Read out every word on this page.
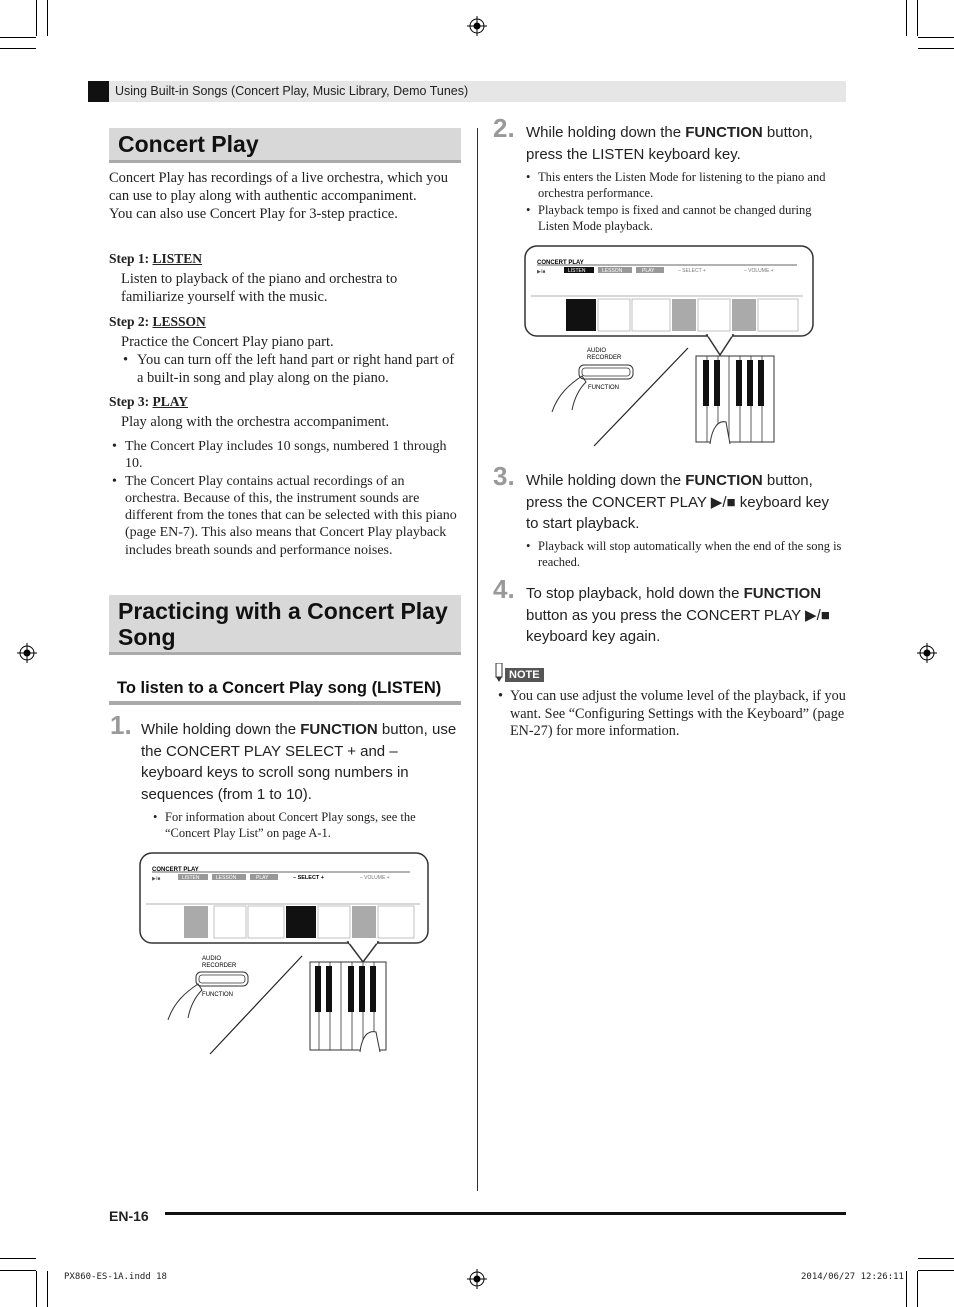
Using Built-in Songs (Concert Play, Music Library, Demo Tunes)
Concert Play
Concert Play has recordings of a live orchestra, which you can use to play along with authentic accompaniment.
You can also use Concert Play for 3-step practice.
Step 1: LISTEN
Listen to playback of the piano and orchestra to familiarize yourself with the music.
Step 2: LESSON
Practice the Concert Play piano part.
• You can turn off the left hand part or right hand part of a built-in song and play along on the piano.
Step 3: PLAY
Play along with the orchestra accompaniment.
• The Concert Play includes 10 songs, numbered 1 through 10.
• The Concert Play contains actual recordings of an orchestra. Because of this, the instrument sounds are different from the tones that can be selected with this piano (page EN-7). This also means that Concert Play playback includes breath sounds and performance noises.
Practicing with a Concert Play Song
To listen to a Concert Play song (LISTEN)
1. While holding down the FUNCTION button, use the CONCERT PLAY SELECT + and – keyboard keys to scroll song numbers in sequences (from 1 to 10).
• For information about Concert Play songs, see the “Concert Play List” on page A-1.
CONCERT PLAY
▶/■	LISTEN	LESSON	PLAY	– SELECT +	– VOLUME +
AUDIO
RECORDER
FUNCTION
2. While holding down the FUNCTION button, press the LISTEN keyboard key.
• This enters the Listen Mode for listening to the piano and orchestra performance.
• Playback tempo is fixed and cannot be changed during Listen Mode playback.
CONCERT PLAY
▶/■	LISTEN	LESSON	PLAY	– SELECT +	– VOLUME +
AUDIO
RECORDER
FUNCTION
3. While holding down the FUNCTION button, press the CONCERT PLAY ▶/■ keyboard key to start playback.
• Playback will stop automatically when the end of the song is reached.
4. To stop playback, hold down the FUNCTION button as you press the CONCERT PLAY ▶/■ keyboard key again.
NOTE
• You can use adjust the volume level of the playback, if you want. See “Configuring Settings with the Keyboard” (page EN-27) for more information.
EN-16
PX860-ES-1A.indd 18	2014/06/27 12:26:11
